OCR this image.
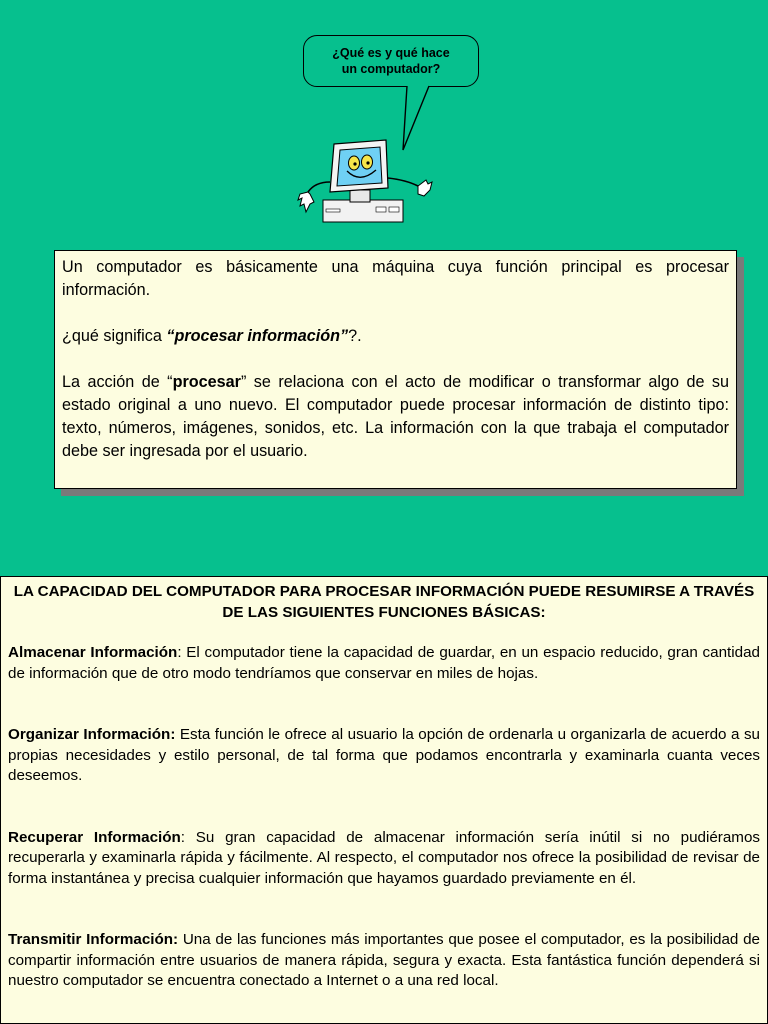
¿Qué es y qué hace
un computador?

Un computador es básicamente una máquina cuya función principal es procesar información.

¿qué significa “procesar información”?.

La acción de “procesar” se relaciona con el acto de modificar o transformar algo de su estado original a uno nuevo. El computador puede procesar información de distinto tipo: texto, números, imágenes, sonidos, etc. La información con la que trabaja el computador debe ser ingresada por el usuario.

LA CAPACIDAD DEL COMPUTADOR PARA PROCESAR INFORMACIÓN PUEDE RESUMIRSE A TRAVÉS DE LAS SIGUIENTES FUNCIONES BÁSICAS:

Almacenar Información: El computador tiene la capacidad de guardar, en un espacio reducido, gran cantidad de información que de otro modo tendríamos que conservar en miles de hojas.

Organizar Información: Esta función le ofrece al usuario la opción de ordenarla u organizarla de acuerdo a su propias necesidades y estilo personal, de tal forma que podamos encontrarla y examinarla cuanta veces deseemos.

Recuperar Información: Su gran capacidad de almacenar información sería inútil si no pudiéramos recuperarla y examinarla rápida y fácilmente. Al respecto, el computador nos ofrece la posibilidad de revisar de forma instantánea y precisa cualquier información que hayamos guardado previamente en él.

Transmitir Información: Una de las funciones más importantes que posee el computador, es la posibilidad de compartir información entre usuarios de manera rápida, segura y exacta. Esta fantástica función dependerá si nuestro computador se encuentra conectado a Internet o a una red local.
